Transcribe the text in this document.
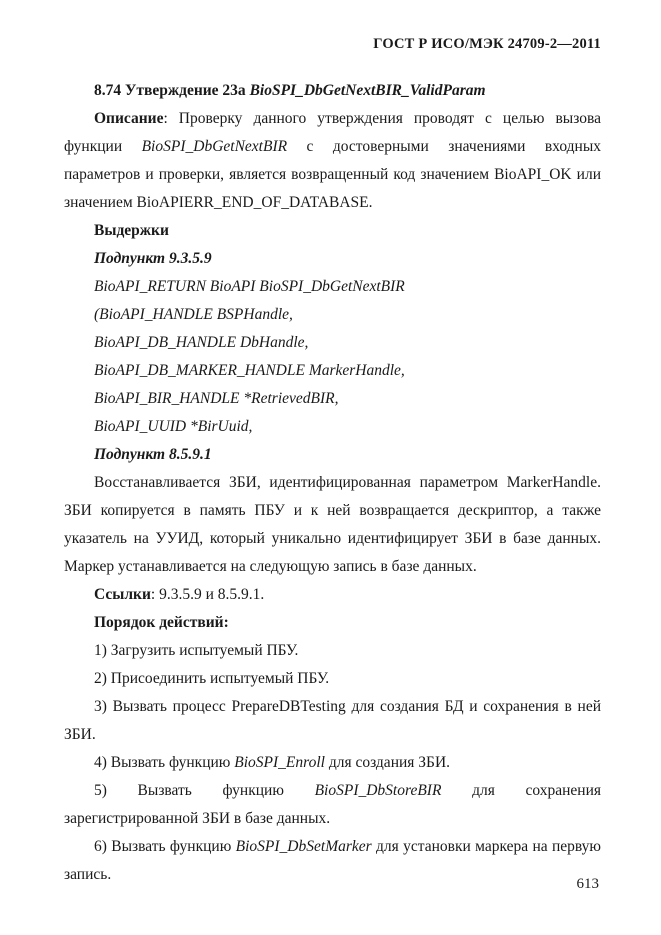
ГОСТ Р ИСО/МЭК 24709-2—2011

8.74 Утверждение 23а BioSPI_DbGetNextBIR_ValidParam

Описание: Проверку данного утверждения проводят с целью вызова функции BioSPI_DbGetNextBIR с достоверными значениями входных параметров и проверки, является возвращенный код значением BioAPI_OK или значением BioAPIERR_END_OF_DATABASE.

Выдержки

Подпункт 9.3.5.9

BioAPI_RETURN BioAPI BioSPI_DbGetNextBIR

(BioAPI_HANDLE BSPHandle,

BioAPI_DB_HANDLE DbHandle,

BioAPI_DB_MARKER_HANDLE MarkerHandle,

BioAPI_BIR_HANDLE *RetrievedBIR,

BioAPI_UUID *BirUuid,

Подпункт 8.5.9.1

Восстанавливается ЗБИ, идентифицированная параметром MarkerHandle. ЗБИ копируется в память ПБУ и к ней возвращается дескриптор, а также указатель на УУИД, который уникально идентифицирует ЗБИ в базе данных. Маркер устанавливается на следующую запись в базе данных.

Ссылки: 9.3.5.9 и 8.5.9.1.

Порядок действий:

1) Загрузить испытуемый ПБУ.

2) Присоединить испытуемый ПБУ.

3) Вызвать процесс PrepareDBTesting для создания БД и сохранения в ней ЗБИ.

4) Вызвать функцию BioSPI_Enroll для создания ЗБИ.

5) Вызвать функцию BioSPI_DbStoreBIR для сохранения зарегистрированной ЗБИ в базе данных.

6) Вызвать функцию BioSPI_DbSetMarker для установки маркера на первую запись.

613
